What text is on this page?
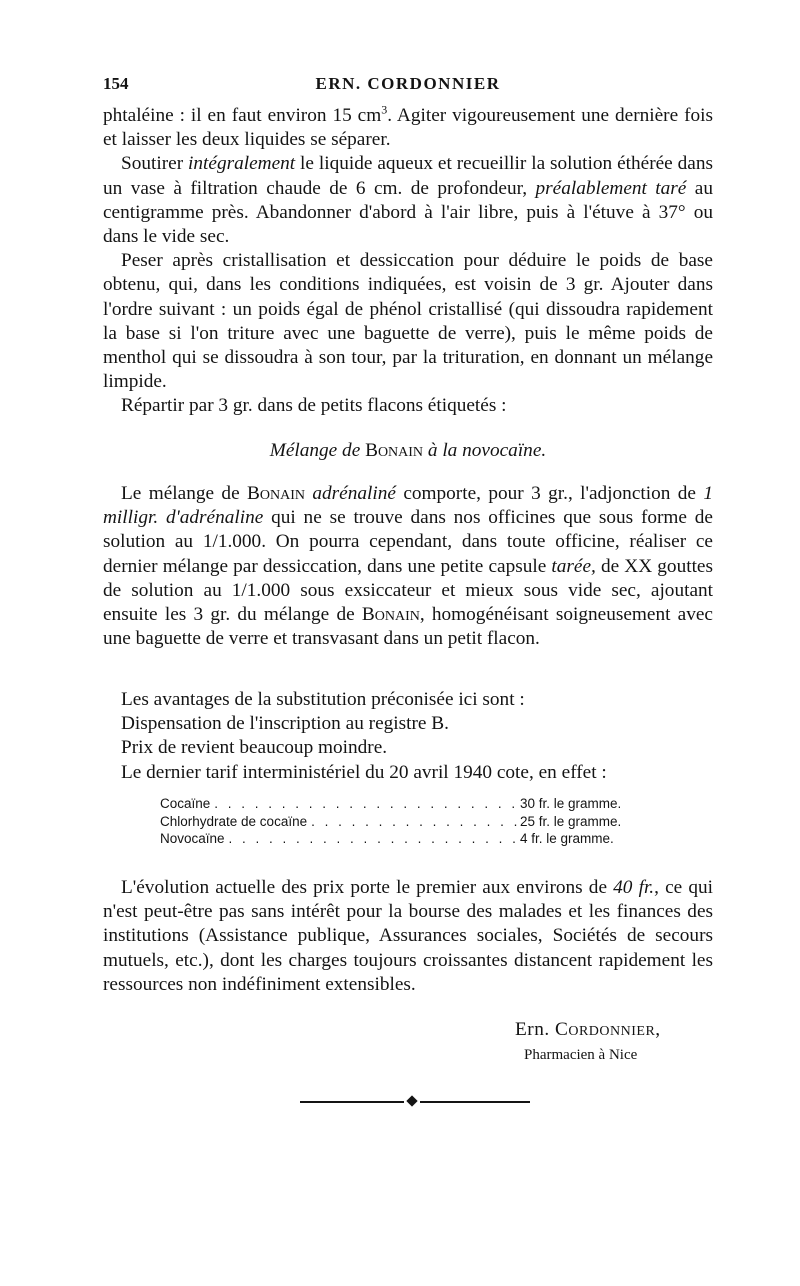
154	ERN. CORDONNIER

phtaléine : il en faut environ 15 $cm^3$. Agiter vigoureusement une dernière fois et laisser les deux liquides se séparer.

Soutirer intégralement le liquide aqueux et recueillir la solution éthérée dans un vase à filtration chaude de 6 cm. de profondeur, préalablement taré au centigramme près. Abandonner d'abord à l'air libre, puis à l'étuve à 37° ou dans le vide sec.

Peser après cristallisation et dessiccation pour déduire le poids de base obtenu, qui, dans les conditions indiquées, est voisin de 3 gr. Ajouter dans l'ordre suivant : un poids égal de phénol cristallisé (qui dissoudra rapidement la base si l'on triture avec une baguette de verre), puis le même poids de menthol qui se dissoudra à son tour, par la trituration, en donnant un mélange limpide.

Répartir par 3 gr. dans de petits flacons étiquetés :

Mélange de Bonain à la novocaïne.

Le mélange de Bonain adrénaliné comporte, pour 3 gr., l'adjonction de 1 milligr. d'adrénaline qui ne se trouve dans nos officines que sous forme de solution au 1/1.000. On pourra cependant, dans toute officine, réaliser ce dernier mélange par dessiccation, dans une petite capsule tarée, de XX gouttes de solution au 1/1.000 sous exsiccateur et mieux sous vide sec, ajoutant ensuite les 3 gr. du mélange de Bonain, homogénéisant soigneusement avec une baguette de verre et transvasant dans un petit flacon.

Les avantages de la substitution préconisée ici sont :

Dispensation de l'inscription au registre B.

Prix de revient beaucoup moindre.

Le dernier tarif interministériel du 20 avril 1940 cote, en effet :

Cocaïne . . .	30 fr. le gramme.
Chlorhydrate de cocaïne . . .	25 fr. le gramme.
Novocaïne . . .	4 fr. le gramme.

L'évolution actuelle des prix porte le premier aux environs de 40 fr., ce qui n'est peut-être pas sans intérêt pour la bourse des malades et les finances des institutions (Assistance publique, Assurances sociales, Sociétés de secours mutuels, etc.), dont les charges toujours croissantes distancent rapidement les ressources non indéfiniment extensibles.

Ern. Cordonnier,
Pharmacien à Nice
